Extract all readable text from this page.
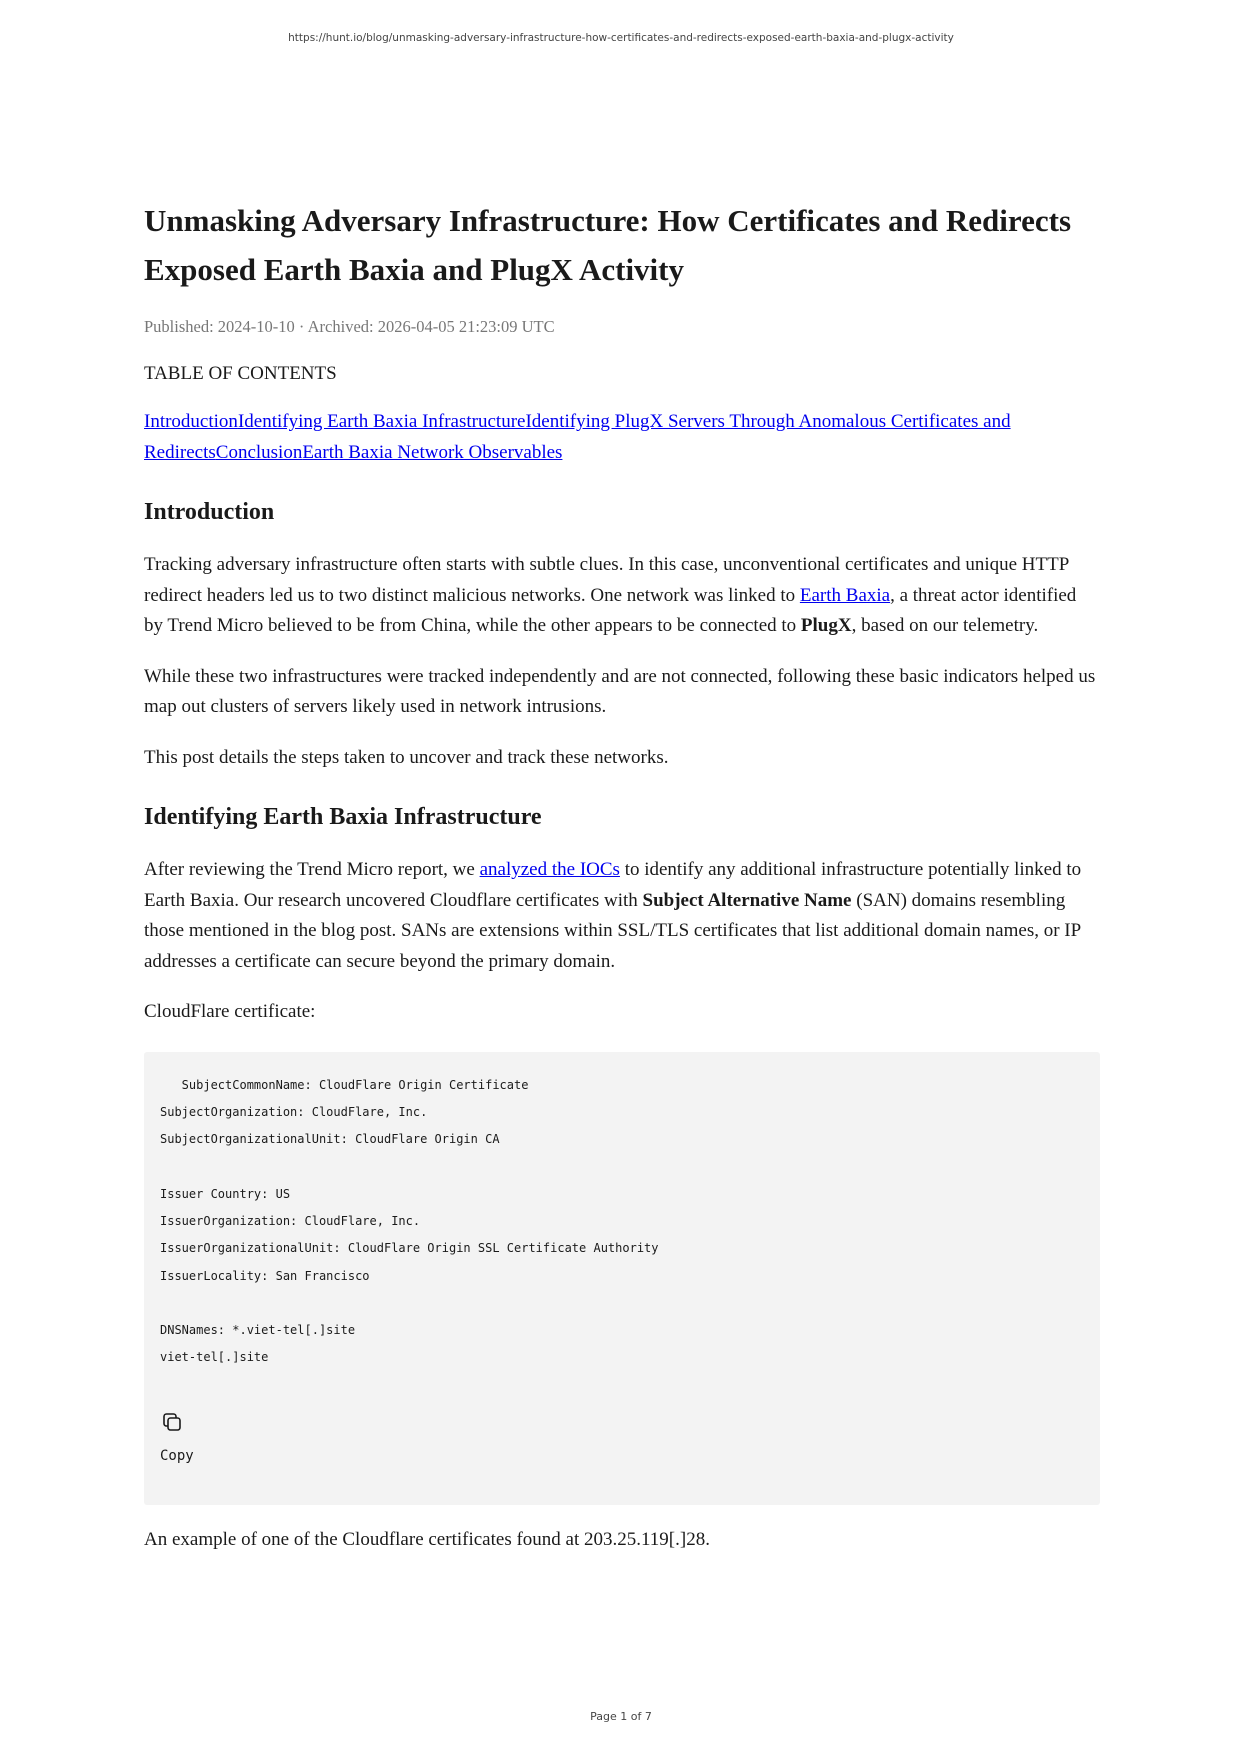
https://hunt.io/blog/unmasking-adversary-infrastructure-how-certificates-and-redirects-exposed-earth-baxia-and-plugx-activity
Unmasking Adversary Infrastructure: How Certificates and Redirects Exposed Earth Baxia and PlugX Activity
Published: 2024-10-10 · Archived: 2026-04-05 21:23:09 UTC
TABLE OF CONTENTS
IntroductionIdentifying Earth Baxia InfrastructureIdentifying PlugX Servers Through Anomalous Certificates and RedirectsConclusionEarth Baxia Network Observables
Introduction

Tracking adversary infrastructure often starts with subtle clues. In this case, unconventional certificates and unique HTTP redirect headers led us to two distinct malicious networks. One network was linked to Earth Baxia, a threat actor identified by Trend Micro believed to be from China, while the other appears to be connected to PlugX, based on our telemetry.

While these two infrastructures were tracked independently and are not connected, following these basic indicators helped us map out clusters of servers likely used in network intrusions.

This post details the steps taken to uncover and track these networks.

Identifying Earth Baxia Infrastructure

After reviewing the Trend Micro report, we analyzed the IOCs to identify any additional infrastructure potentially linked to Earth Baxia. Our research uncovered Cloudflare certificates with Subject Alternative Name (SAN) domains resembling those mentioned in the blog post. SANs are extensions within SSL/TLS certificates that list additional domain names, or IP addresses a certificate can secure beyond the primary domain.

CloudFlare certificate:

SubjectCommonName: CloudFlare Origin Certificate
SubjectOrganization: CloudFlare, Inc.
SubjectOrganizationalUnit: CloudFlare Origin CA
Issuer Country: US
IssuerOrganization: CloudFlare, Inc.
IssuerOrganizationalUnit: CloudFlare Origin SSL Certificate Authority
IssuerLocality: San Francisco
DNSNames: *.viet-tel[.]site
viet-tel[.]site
Copy

An example of one of the Cloudflare certificates found at 203.25.119[.]28.

Page 1 of 7
